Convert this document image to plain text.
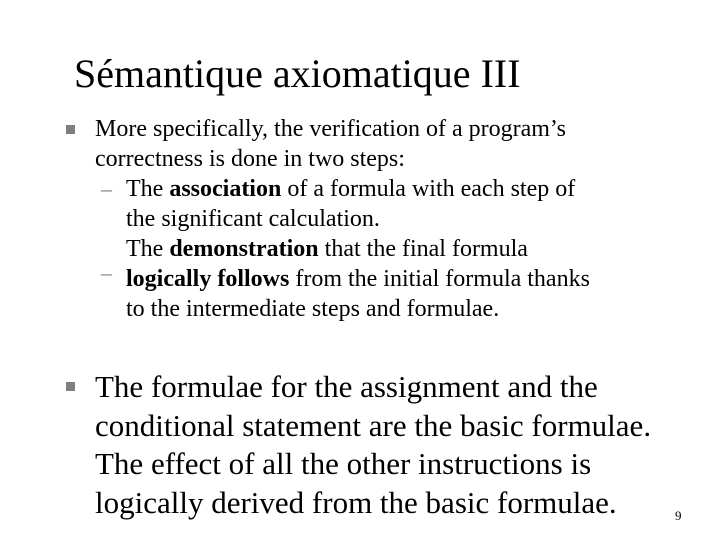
Sémantique axiomatique III
More specifically, the verification of a program’s
correctness is done in two steps:
The association of a formula with each step of
the significant calculation.
The demonstration that the final formula
logically follows from the initial formula thanks
to the intermediate steps and formulae.
–
–
The formulae for the assignment and the
conditional statement are the basic formulae.
The effect of all the other instructions is
logically derived from the basic formulae.	9
